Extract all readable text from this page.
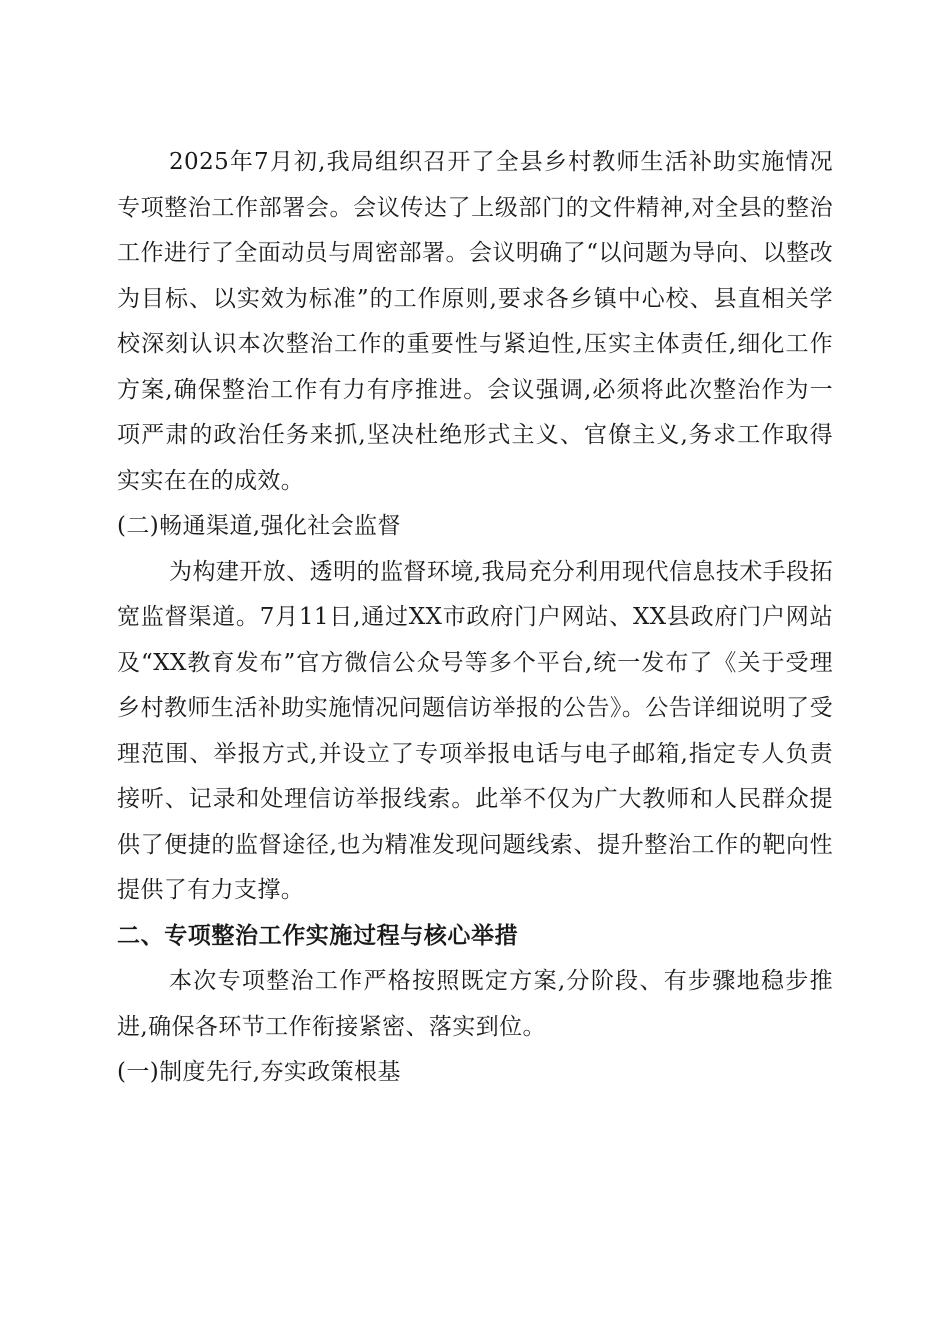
2025年7月初,我局组织召开了全县乡村教师生活补助实施情况专项整治工作部署会。会议传达了上级部门的文件精神,对全县的整治工作进行了全面动员与周密部署。会议明确了“以问题为导向、以整改为目标、以实效为标准”的工作原则,要求各乡镇中心校、县直相关学校深刻认识本次整治工作的重要性与紧迫性,压实主体责任,细化工作方案,确保整治工作有力有序推进。会议强调,必须将此次整治作为一项严肃的政治任务来抓,坚决杜绝形式主义、官僚主义,务求工作取得实实在在的成效。

(二)畅通渠道,强化社会监督

为构建开放、透明的监督环境,我局充分利用现代信息技术手段拓宽监督渠道。7月11日,通过XX市政府门户网站、XX县政府门户网站及“XX教育发布”官方微信公众号等多个平台,统一发布了《关于受理乡村教师生活补助实施情况问题信访举报的公告》。公告详细说明了受理范围、举报方式,并设立了专项举报电话与电子邮箱,指定专人负责接听、记录和处理信访举报线索。此举不仅为广大教师和人民群众提供了便捷的监督途径,也为精准发现问题线索、提升整治工作的靶向性提供了有力支撑。

二、专项整治工作实施过程与核心举措

本次专项整治工作严格按照既定方案,分阶段、有步骤地稳步推进,确保各环节工作衔接紧密、落实到位。

(一)制度先行,夯实政策根基
